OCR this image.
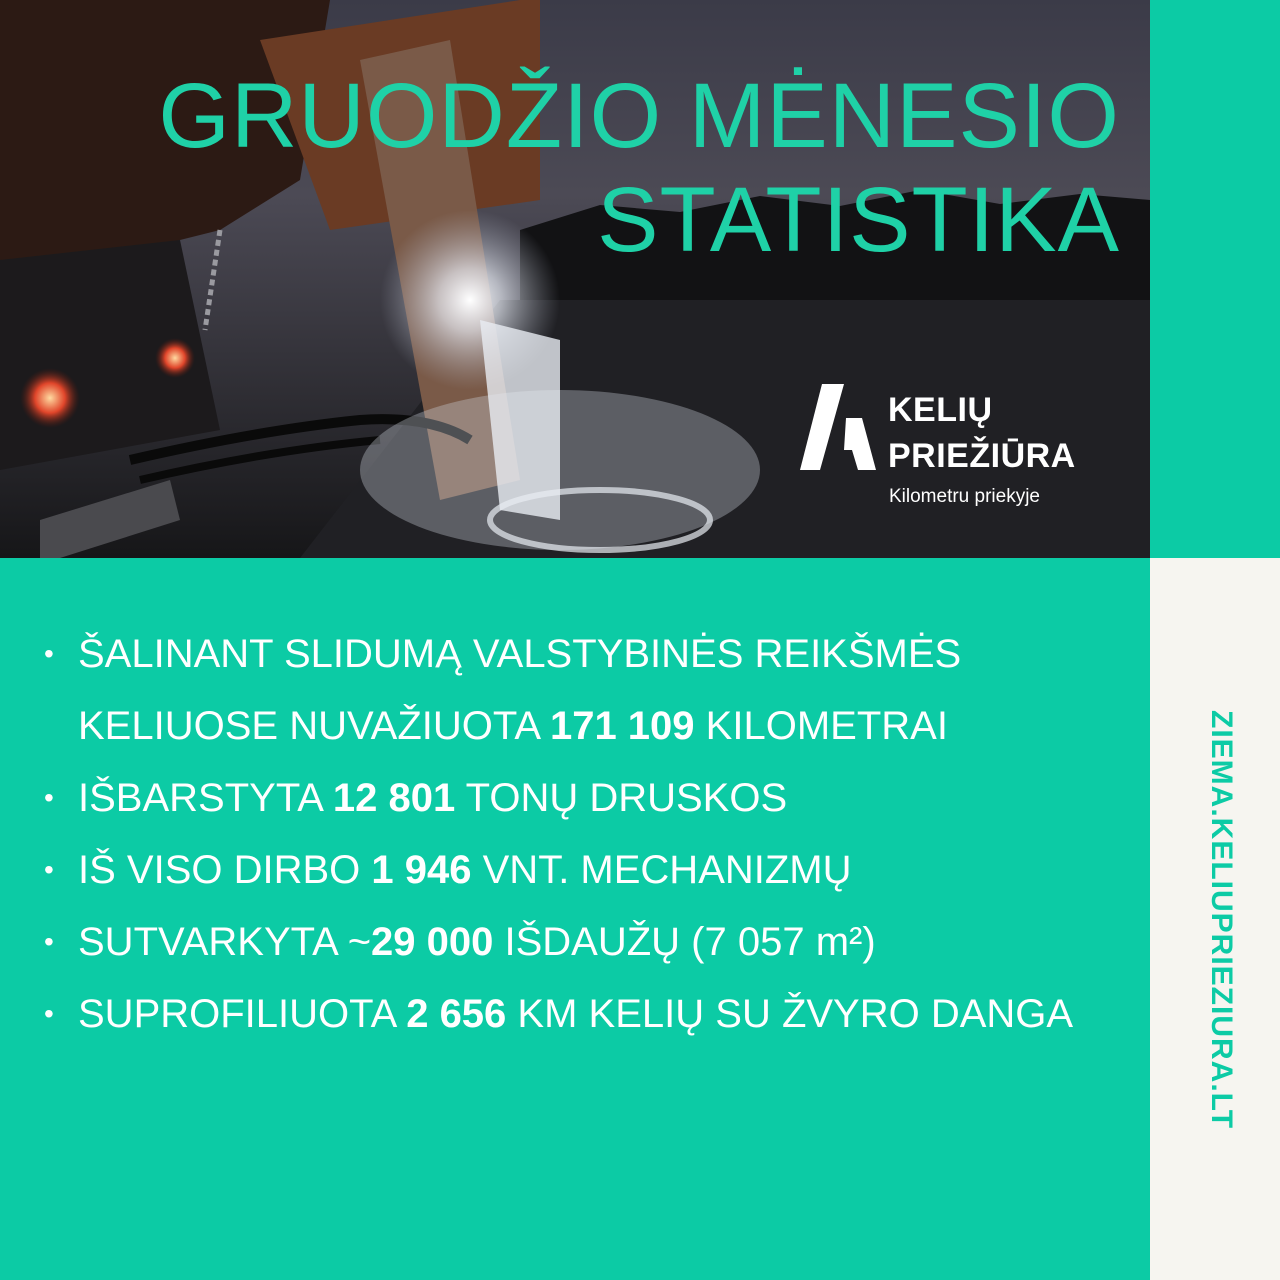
GRUODŽIO MĖNESIO
STATISTIKA
KELIŲ
PRIEŽIŪRA
Kilometru priekyje
• ŠALINANT SLIDUMĄ VALSTYBINĖS REIKŠMĖS KELIUOSE NUVAŽIUOTA 171 109 KILOMETRAI
• IŠBARSTYTA 12 801 TONŲ DRUSKOS
• IŠ VISO DIRBO 1 946 VNT. MECHANIZMŲ
• SUTVARKYTA ~29 000 IŠDAUŽŲ (7 057 m²)
• SUPROFILIUOTA 2 656 KM KELIŲ SU ŽVYRO DANGA	ZIEMA.KELIUPRIEZIURA.LT
